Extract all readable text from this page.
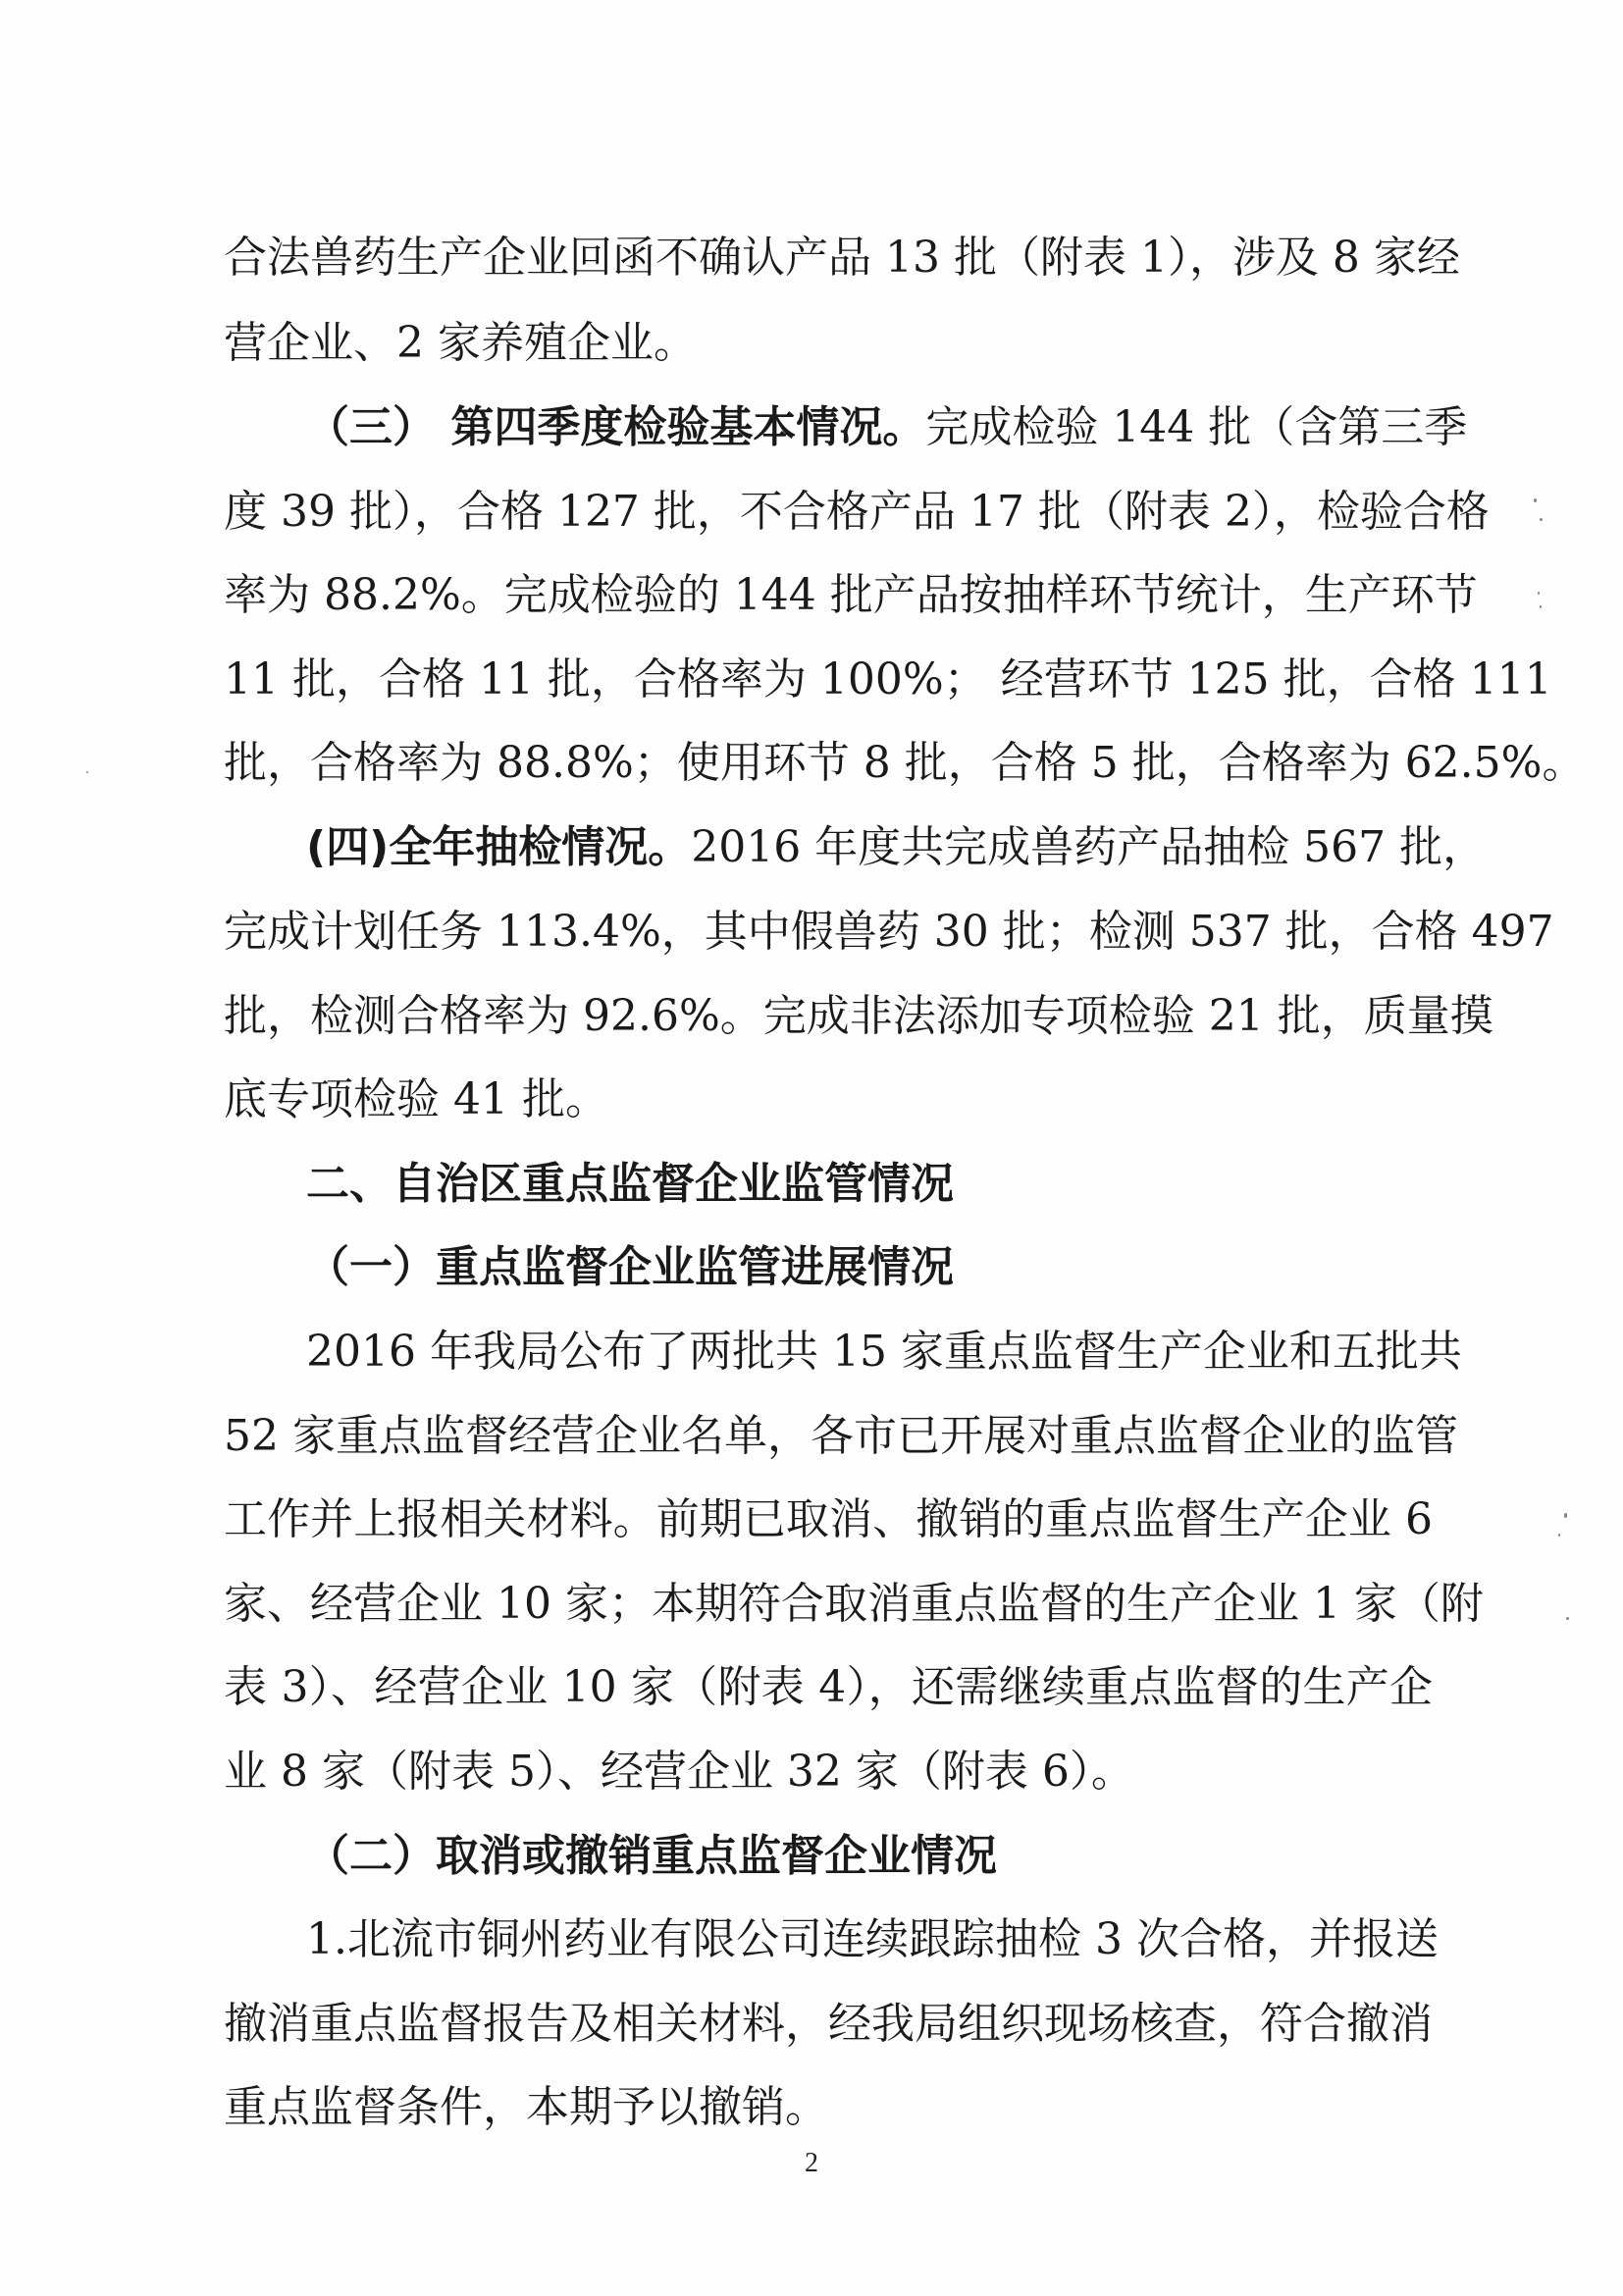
合法兽药生产企业回函不确认产品 13 批（附表 1），涉及 8 家经
营企业、2 家养殖企业。
（三） 第四季度检验基本情况。完成检验 144 批（含第三季
度 39 批），合格 127 批，不合格产品 17 批（附表 2），检验合格
率为 88.2%。完成检验的 144 批产品按抽样环节统计，生产环节
11 批，合格 11 批，合格率为 100%； 经营环节 125 批，合格 111
批，合格率为 88.8%；使用环节 8 批，合格 5 批，合格率为 62.5%。
(四)全年抽检情况。2016 年度共完成兽药产品抽检 567 批，
完成计划任务 113.4%，其中假兽药 30 批；检测 537 批，合格 497
批，检测合格率为 92.6%。完成非法添加专项检验 21 批，质量摸
底专项检验 41 批。
二、自治区重点监督企业监管情况
（一）重点监督企业监管进展情况
2016 年我局公布了两批共 15 家重点监督生产企业和五批共
52 家重点监督经营企业名单，各市已开展对重点监督企业的监管
工作并上报相关材料。前期已取消、撤销的重点监督生产企业 6
家、经营企业 10 家；本期符合取消重点监督的生产企业 1 家（附
表 3）、经营企业 10 家（附表 4），还需继续重点监督的生产企
业 8 家（附表 5）、经营企业 32 家（附表 6）。
（二）取消或撤销重点监督企业情况
1.北流市铜州药业有限公司连续跟踪抽检 3 次合格，并报送
撤消重点监督报告及相关材料，经我局组织现场核查，符合撤消
重点监督条件，本期予以撤销。
2
